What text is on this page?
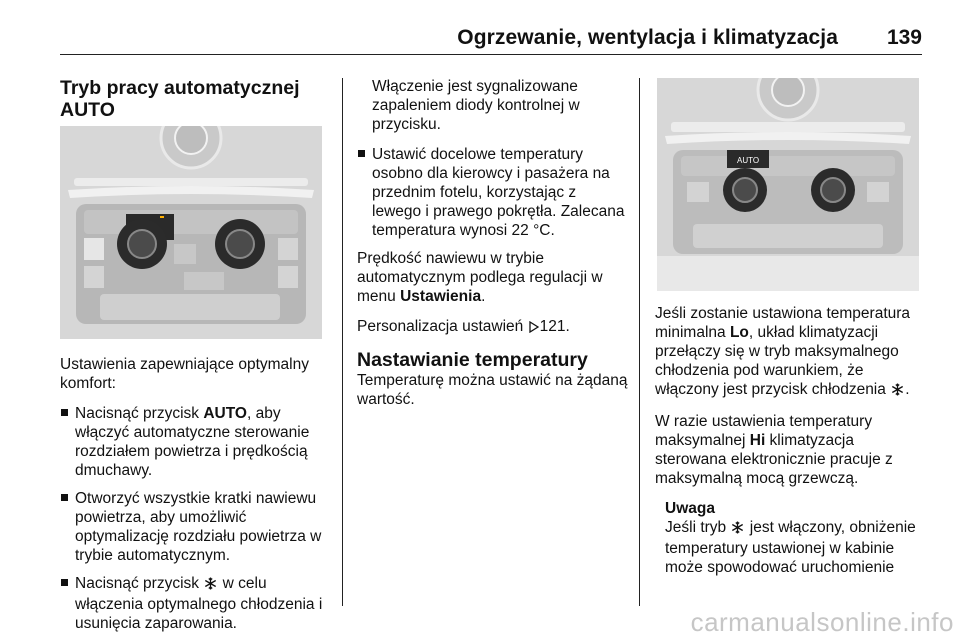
Ogrzewanie, wentylacja i klimatyzacja 139
AUTO
Tryb pracy automatycznej
AUTO

Ustawienia zapewniające optymalny komfort:

Nacisnąć przycisk AUTO, aby włączyć automatyczne sterowanie rozdziałem powietrza i prędkością dmuchawy.
Otworzyć wszystkie kratki nawiewu powietrza, aby umożliwić optymalizację rozdziału powietrza w trybie automatycznym.
Nacisnąć przycisk  w celu włączenia optymalnego chłodzenia i usunięcia zaparowania.

Włączenie jest sygnalizowane zapaleniem diody kontrolnej w przycisku.

Ustawić docelowe temperatury osobno dla kierowcy i pasażera na przednim fotelu, korzystając z lewego i prawego pokrętła. Zalecana temperatura wynosi 22 °C.

Prędkość nawiewu w trybie automatycznym podlega regulacji w menu Ustawienia.

Personalizacja ustawień 121.

Nastawianie temperatury

Temperaturę można ustawić na żądaną wartość.

Jeśli zostanie ustawiona temperatura minimalna Lo, układ klimatyzacji przełączy się w tryb maksymalnego chłodzenia pod warunkiem, że włączony jest przycisk chłodzenia .

W razie ustawienia temperatury maksymalnej Hi klimatyzacja sterowana elektronicznie pracuje z maksymalną mocą grzewczą.

Uwaga
Jeśli tryb  jest włączony, obniżenie temperatury ustawionej w kabinie może spowodować uruchomienie
carmanualsonline.info
